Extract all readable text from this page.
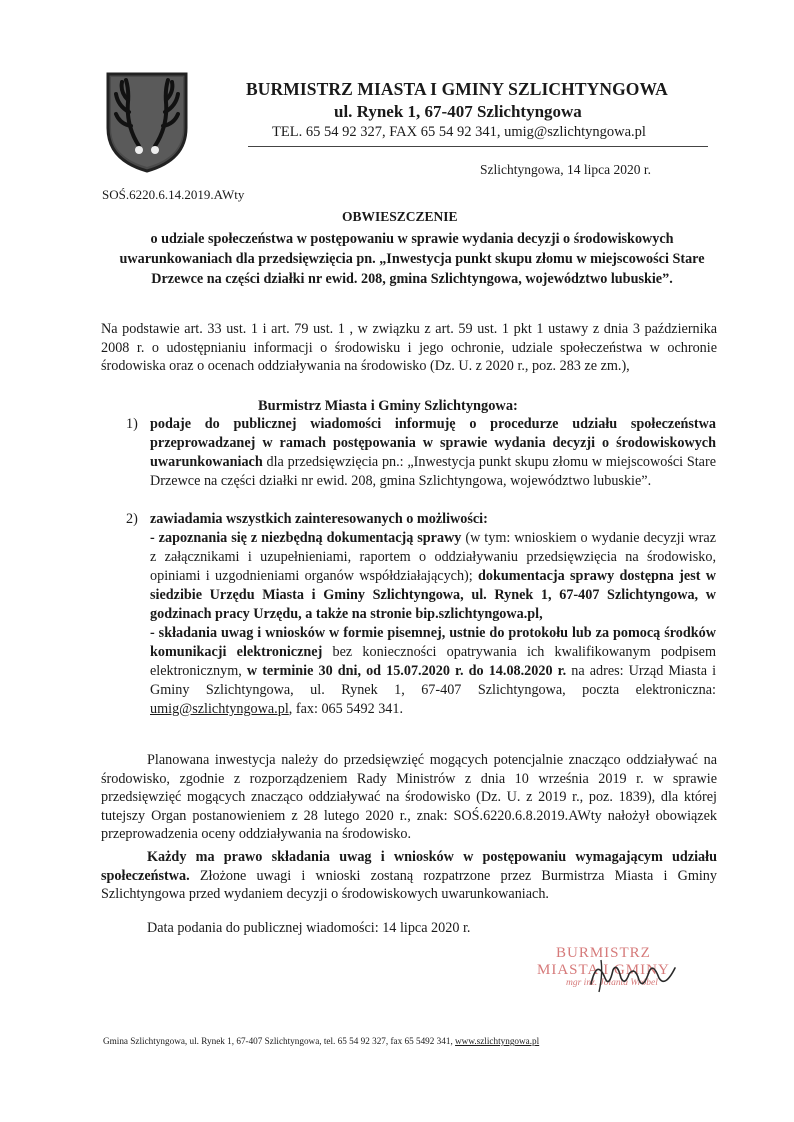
BURMISTRZ MIASTA I GMINY SZLICHTYNGOWA
ul. Rynek 1, 67-407 Szlichtyngowa
TEL. 65 54 92 327, FAX 65 54 92 341, umig@szlichtyngowa.pl
Szlichtyngowa, 14 lipca 2020 r.
SOŚ.6220.6.14.2019.AWty
OBWIESZCZENIE
o udziale społeczeństwa w postępowaniu w sprawie wydania decyzji o środowiskowych uwarunkowaniach dla przedsięwzięcia pn. „Inwestycja punkt skupu złomu w miejscowości Stare Drzewce na części działki nr ewid. 208, gmina Szlichtyngowa, województwo lubuskie”.
Na podstawie art. 33 ust. 1 i art. 79 ust. 1 , w związku z art. 59 ust. 1 pkt 1 ustawy z dnia 3 października 2008 r. o udostępnianiu informacji o środowisku i jego ochronie, udziale społeczeństwa w ochronie środowiska oraz o ocenach oddziaływania na środowisko (Dz. U. z 2020 r., poz. 283 ze zm.),
Burmistrz Miasta i Gminy Szlichtyngowa:
1) podaje do publicznej wiadomości informuję o procedurze udziału społeczeństwa przeprowadzanej w ramach postępowania w sprawie wydania decyzji o środowiskowych uwarunkowaniach dla przedsięwzięcia pn.: „Inwestycja punkt skupu złomu w miejscowości Stare Drzewce na części działki nr ewid. 208, gmina Szlichtyngowa, województwo lubuskie”.
2) zawiadamia wszystkich zainteresowanych o możliwości:
- zapoznania się z niezbędną dokumentacją sprawy (w tym: wnioskiem o wydanie decyzji wraz z załącznikami i uzupełnieniami, raportem o oddziaływaniu przedsięwzięcia na środowisko, opiniami i uzgodnieniami organów współdziałających); dokumentacja sprawy dostępna jest w siedzibie Urzędu Miasta i Gminy Szlichtyngowa, ul. Rynek 1, 67-407 Szlichtyngowa, w godzinach pracy Urzędu, a także na stronie bip.szlichtyngowa.pl,
- składania uwag i wniosków w formie pisemnej, ustnie do protokołu lub za pomocą środków komunikacji elektronicznej bez konieczności opatrywania ich kwalifikowanym podpisem elektronicznym, w terminie 30 dni, od 15.07.2020 r. do 14.08.2020 r. na adres: Urząd Miasta i Gminy Szlichtyngowa, ul. Rynek 1, 67-407 Szlichtyngowa, poczta elektroniczna: umig@szlichtyngowa.pl, fax: 065 5492 341.
Planowana inwestycja należy do przedsięwzięć mogących potencjalnie znacząco oddziaływać na środowisko, zgodnie z rozporządzeniem Rady Ministrów z dnia 10 września 2019 r. w sprawie przedsięwzięć mogących znacząco oddziaływać na środowisko (Dz. U. z 2019 r., poz. 1839), dla której tutejszy Organ postanowieniem z 28 lutego 2020 r., znak: SOŚ.6220.6.8.2019.AWty nałożył obowiązek przeprowadzenia oceny oddziaływania na środowisko.
Każdy ma prawo składania uwag i wniosków w postępowaniu wymagającym udziału społeczeństwa. Złożone uwagi i wnioski zostaną rozpatrzone przez Burmistrza Miasta i Gminy Szlichtyngowa przed wydaniem decyzji o środowiskowych uwarunkowaniach.
Data podania do publicznej wiadomości: 14 lipca 2020 r.
BURMISTRZ
MIASTA I GMINY
mgr inż. Jolanta Wróbel
Gmina Szlichtyngowa, ul. Rynek 1, 67-407 Szlichtyngowa, tel. 65 54 92 327, fax 65 5492 341, www.szlichtyngowa.pl
